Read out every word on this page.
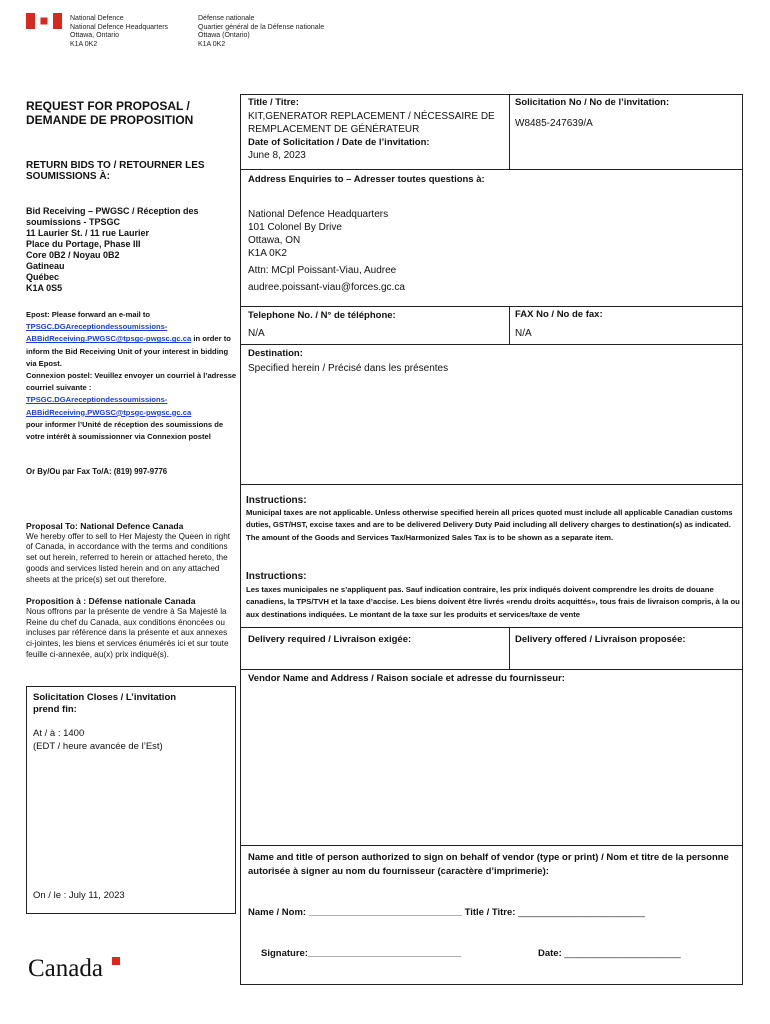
National Defence
National Defence Headquarters
Ottawa, Ontario
K1A 0K2
Défense nationale
Quartier général de la Défense nationale
Ottawa (Ontario)
K1A 0K2
REQUEST FOR PROPOSAL / DEMANDE DE PROPOSITION
RETURN BIDS TO / RETOURNER LES SOUMISSIONS À:
Bid Receiving – PWGSC / Réception des soumissions - TPSGC
11 Laurier St. / 11 rue Laurier
Place du Portage, Phase III
Core 0B2 / Noyau 0B2
Gatineau
Québec
K1A 0S5
Epost: Please forward an e-mail to
TPSGC.DGAreceptiondessoumissions-ABBidReceiving.PWGSC@tpsgc-pwgsc.gc.ca in order to inform the Bid Receiving Unit of your interest in bidding via Epost.
Connexion postel: Veuillez envoyer un courriel à l’adresse courriel suivante :
TPSGC.DGAreceptiondessoumissions-ABBidReceiving.PWGSC@tpsgc-pwgsc.gc.ca
pour informer l’Unité de réception des soumissions de votre intérêt à soumissionner via Connexion postel
Or By/Ou par Fax To/A: (819) 997-9776
Proposal To: National Defence Canada
We hereby offer to sell to Her Majesty the Queen in right of Canada, in accordance with the terms and conditions set out herein, referred to herein or attached hereto, the goods and services listed herein and on any attached sheets at the price(s) set out therefore.
Proposition à : Défense nationale Canada
Nous offrons par la présente de vendre à Sa Majesté la Reine du chef du Canada, aux conditions énoncées ou incluses par référence dans la présente et aux annexes ci-jointes, les biens et services énumérés ici et sur toute feuille ci-annexée, au(x) prix indiqué(s).
Solicitation Closes / L’invitation prend fin:
At / à : 1400
(EDT / heure avancée de l’Est)
On / le : July 11, 2023
Canada
Title / Titre:
KIT,GENERATOR REPLACEMENT / NÉCESSAIRE DE REMPLACEMENT DE GÉNÉRATEUR
Date of Solicitation / Date de l’invitation:
June 8, 2023
Solicitation No / No de l’invitation:
W8485-247639/A
Address Enquiries to – Adresser toutes questions à:
National Defence Headquarters
101 Colonel By Drive
Ottawa, ON
K1A 0K2
Attn: MCpl Poissant-Viau, Audree
audree.poissant-viau@forces.gc.ca
Telephone No. / N° de téléphone:
N/A
FAX No / No de fax:
N/A
Destination:
Specified herein / Précisé dans les présentes
Instructions:
Municipal taxes are not applicable. Unless otherwise specified herein all prices quoted must include all applicable Canadian customs duties, GST/HST, excise taxes and are to be delivered Delivery Duty Paid including all delivery charges to destination(s) as indicated. The amount of the Goods and Services Tax/Harmonized Sales Tax is to be shown as a separate item.
Instructions:
Les taxes municipales ne s’appliquent pas. Sauf indication contraire, les prix indiqués doivent comprendre les droits de douane canadiens, la TPS/TVH et la taxe d’accise. Les biens doivent être livrés «rendu droits acquittés», tous frais de livraison compris, à la ou aux destinations indiquées. Le montant de la taxe sur les produits et services/taxe de vente
Delivery required / Livraison exigée:	Delivery offered / Livraison proposée:
Vendor Name and Address / Raison sociale et adresse du fournisseur:
Name and title of person authorized to sign on behalf of vendor (type or print) / Nom et titre de la personne autorisée à signer au nom du fournisseur (caractère d’imprimerie):
Name / Nom: _____________________________ Title / Titre: ________________________
Signature:_____________________________	Date: ______________________
